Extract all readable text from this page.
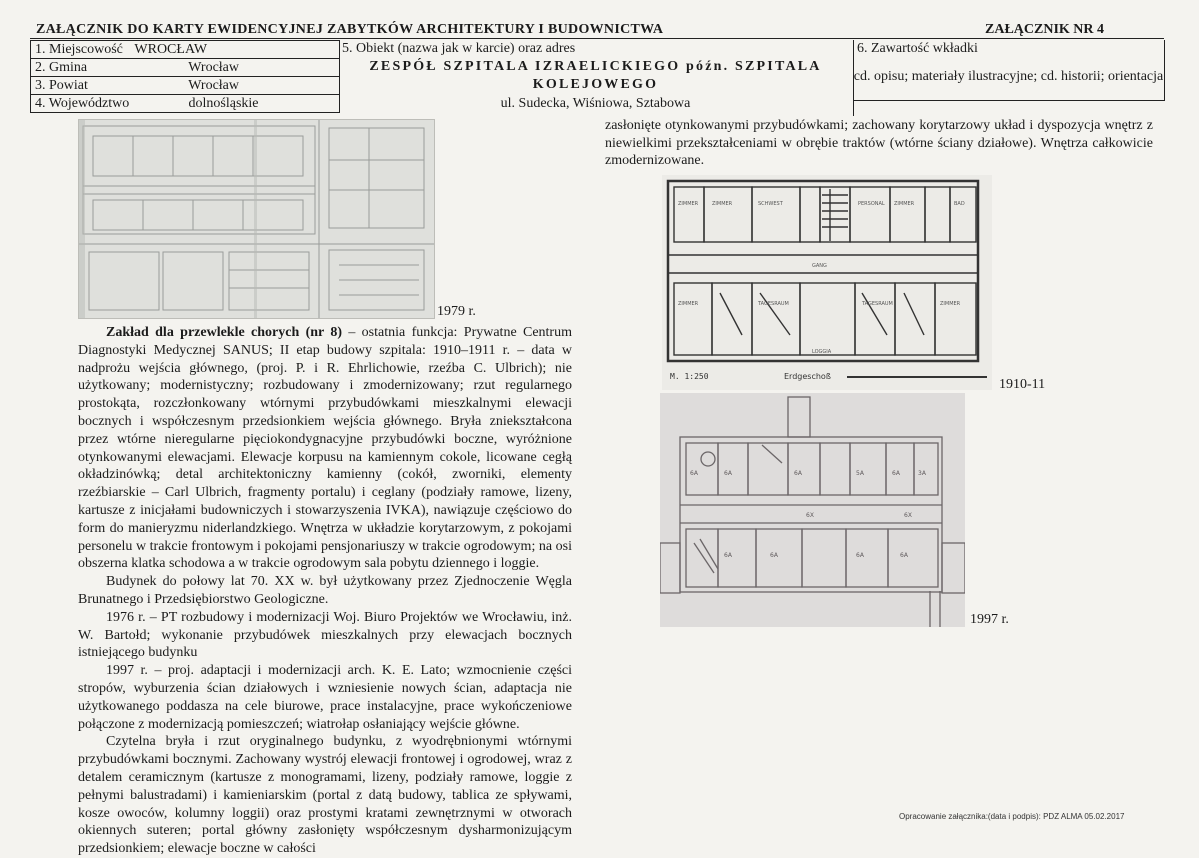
ZAŁĄCZNIK DO KARTY EWIDENCYJNEJ ZABYTKÓW ARCHITEKTURY I BUDOWNICTWA	ZAŁĄCZNIK NR 4
1. Miejscowość WROCŁAW
2. Gmina	Wrocław
3. Powiat	Wrocław
4. Województwo	dolnośląskie
5. Obiekt (nazwa jak w karcie) oraz adres
ZESPÓŁ SZPITALA IZRAELICKIEGO późn. SZPITALA
KOLEJOWEGO
ul. Sudecka, Wiśniowa, Sztabowa
6. Zawartość wkładki
cd. opisu; materiały ilustracyjne; cd. historii; orientacja
1979 r.

Zakład dla przewlekle chorych (nr 8) – ostatnia funkcja: Prywatne Centrum Diagnostyki Medycznej SANUS; II etap budowy szpitala: 1910–1911 r. – data w nadprożu wejścia głównego, (proj. P. i R. Ehrlichowie, rzeźba C. Ulbrich); nie użytkowany; modernistyczny; rozbudowany i zmodernizowany; rzut regularnego prostokąta, rozczłonkowany wtórnymi przybudówkami mieszkalnymi elewacji bocznych i współczesnym przedsionkiem wejścia głównego. Bryła zniekształcona przez wtórne nieregularne pięciokondygnacyjne przybudówki boczne, wyróżnione otynkowanymi elewacjami. Elewacje korpusu na kamiennym cokole, licowane cegłą okładzinówką; detal architektoniczny kamienny (cokół, zworniki, elementy rzeźbiarskie – Carl Ulbrich, fragmenty portalu) i ceglany (podziały ramowe, lizeny, kartusze z inicjałami budowniczych i stowarzyszenia IVKA), nawiązuje częściowo do form do manieryzmu niderlandzkiego. Wnętrza w układzie korytarzowym, z pokojami personelu w trakcie frontowym i pokojami pensjonariuszy w trakcie ogrodowym; na osi obszerna klatka schodowa a w trakcie ogrodowym sala pobytu dziennego i loggie.

Budynek do połowy lat 70. XX w. był użytkowany przez Zjednoczenie Węgla Brunatnego i Przedsiębiorstwo Geologiczne.

1976 r. – PT rozbudowy i modernizacji Woj. Biuro Projektów we Wrocławiu, inż. W. Bartołd; wykonanie przybudówek mieszkalnych przy elewacjach bocznych istniejącego budynku

1997 r. – proj. adaptacji i modernizacji arch. K. E. Lato; wzmocnienie części stropów, wyburzenia ścian działowych i wzniesienie nowych ścian, adaptacja nie użytkowanego poddasza na cele biurowe, prace instalacyjne, prace wykończeniowe połączone z modernizacją pomieszczeń; wiatrołap osłaniający wejście główne.

Czytelna bryła i rzut oryginalnego budynku, z wyodrębnionymi wtórnymi przybudówkami bocznymi. Zachowany wystrój elewacji frontowej i ogrodowej, wraz z detalem ceramicznym (kartusze z monogramami, lizeny, podziały ramowe, loggie z pełnymi balustradami) i kamieniarskim (portal z datą budowy, tablica ze spływami, kosze owoców, kolumny loggii) oraz prostymi kratami zewnętrznymi w otworach okiennych suteren; portal główny zasłonięty współczesnym dysharmonizującym przedsionkiem; elewacje boczne w całości

zasłonięte otynkowanymi przybudówkami; zachowany korytarzowy układ i dyspozycja wnętrz z niewielkimi przekształceniami w obrębie traktów (wtórne ściany działowe). Wnętrza całkowicie zmodernizowane.
ZIMMER	ZIMMER	SCHWEST	PERSONAL ZIMMER	BAD
GANG
ZIMMER	TAGESRAUM	TAGESRAUM	ZIMMER
LOGGIA
M. 1:250	Erdgeschoß
1910-11
6A	6A	6A	5A	6A	3A
6X	6X
6A	6A	6A	6A
1997 r.
Opracowanie załącznika:(data i podpis): PDZ ALMA 05.02.2017
